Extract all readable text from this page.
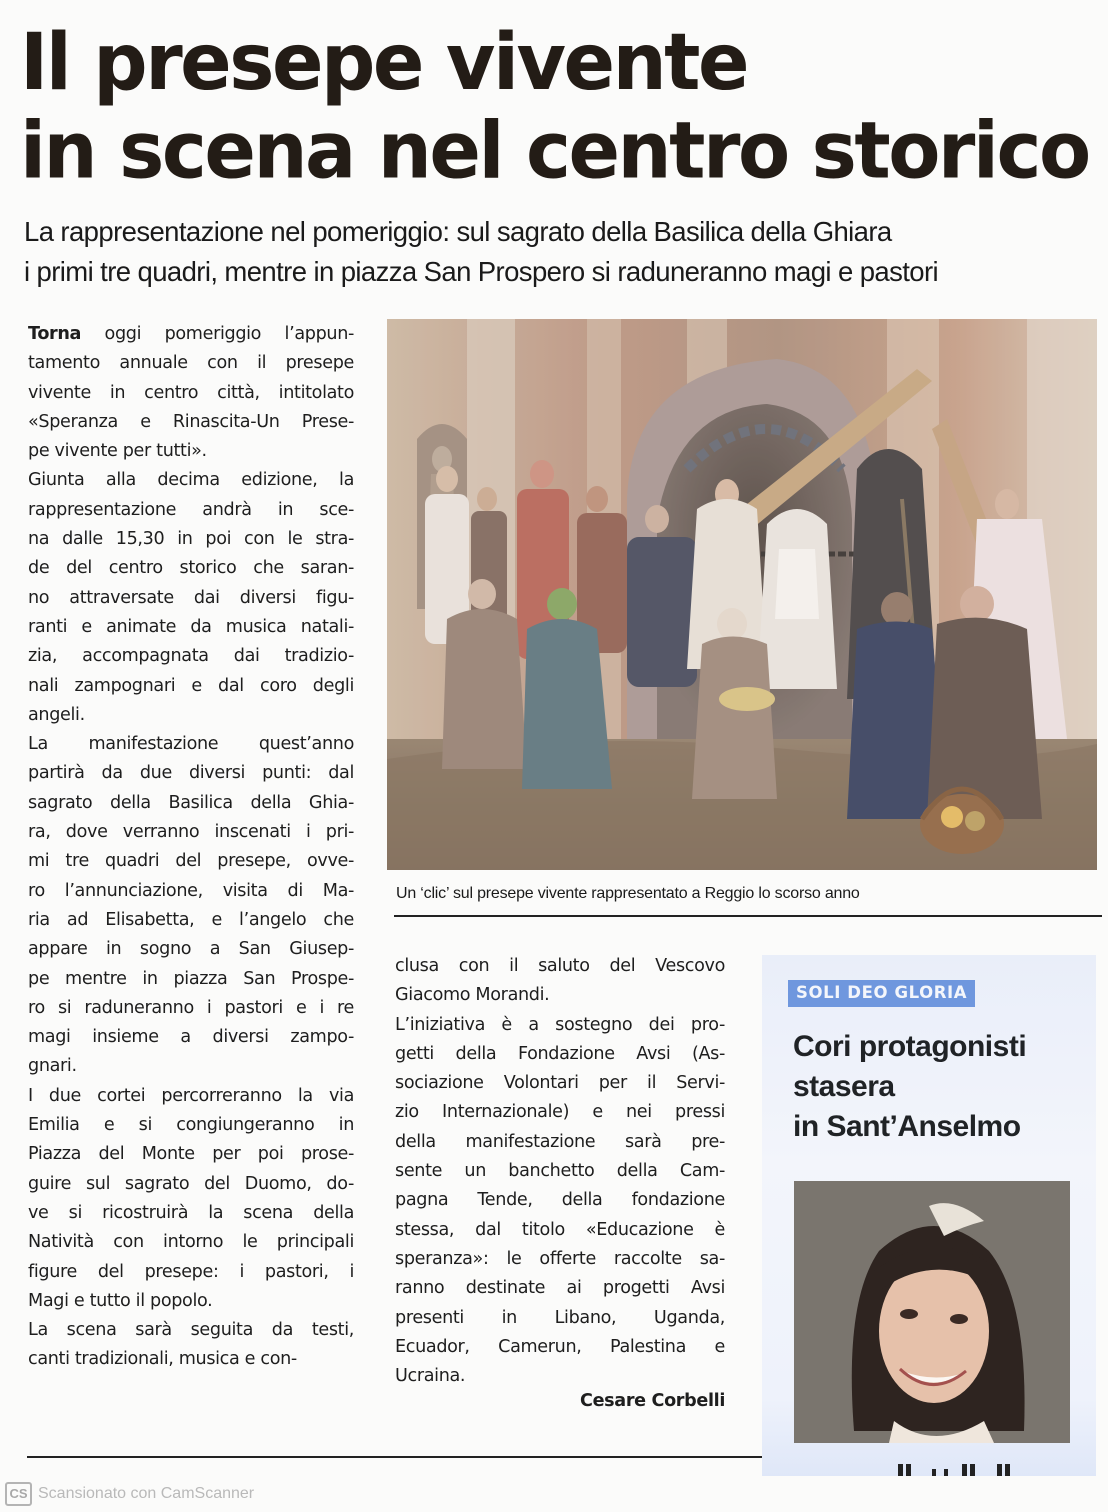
Il presepe vivente
in scena nel centro storico
La rappresentazione nel pomeriggio: sul sagrato della Basilica della Ghiara
i primi tre quadri, mentre in piazza San Prospero si raduneranno magi e pastori
Torna oggi pomeriggio l’appun-
tamento annuale con il presepe
vivente in centro città, intitolato
«Speranza e Rinascita-Un Prese-
pe vivente per tutti».
Giunta alla decima edizione, la
rappresentazione andrà in sce-
na dalle 15,30 in poi con le stra-
de del centro storico che saran-
no attraversate dai diversi figu-
ranti e animate da musica natali-
zia, accompagnata dai tradizio-
nali zampognari e dal coro degli
angeli.
La manifestazione quest’anno
partirà da due diversi punti: dal
sagrato della Basilica della Ghia-
ra, dove verranno inscenati i pri-
mi tre quadri del presepe, ovve-
ro l’annunciazione, visita di Ma-
ria ad Elisabetta, e l’angelo che
appare in sogno a San Giusep-
pe mentre in piazza San Prospe-
ro si raduneranno i pastori e i re
magi insieme a diversi zampo-
gnari.
I due cortei percorreranno la via
Emilia e si congiungeranno in
Piazza del Monte per poi prose-
guire sul sagrato del Duomo, do-
ve si ricostruirà la scena della
Natività con intorno le principali
figure del presepe: i pastori, i
Magi e tutto il popolo.
La scena sarà seguita da testi,
canti tradizionali, musica e con-
Un ‘clic’ sul presepe vivente rappresentato a Reggio lo scorso anno
clusa con il saluto del Vescovo
Giacomo Morandi.
L’iniziativa è a sostegno dei pro-
getti della Fondazione Avsi (As-
sociazione Volontari per il Servi-
zio Internazionale) e nei pressi
della manifestazione sarà pre-
sente un banchetto della Cam-
pagna Tende, della fondazione
stessa, dal titolo «Educazione è
speranza»: le offerte raccolte sa-
ranno destinate ai progetti Avsi
presenti in Libano, Uganda,
Ecuador, Camerun, Palestina e
Ucraina.
Cesare Corbelli
SOLI DEO GLORIA
Cori protagonisti
stasera
in Sant’Anselmo
CS Scansionato con CamScanner
